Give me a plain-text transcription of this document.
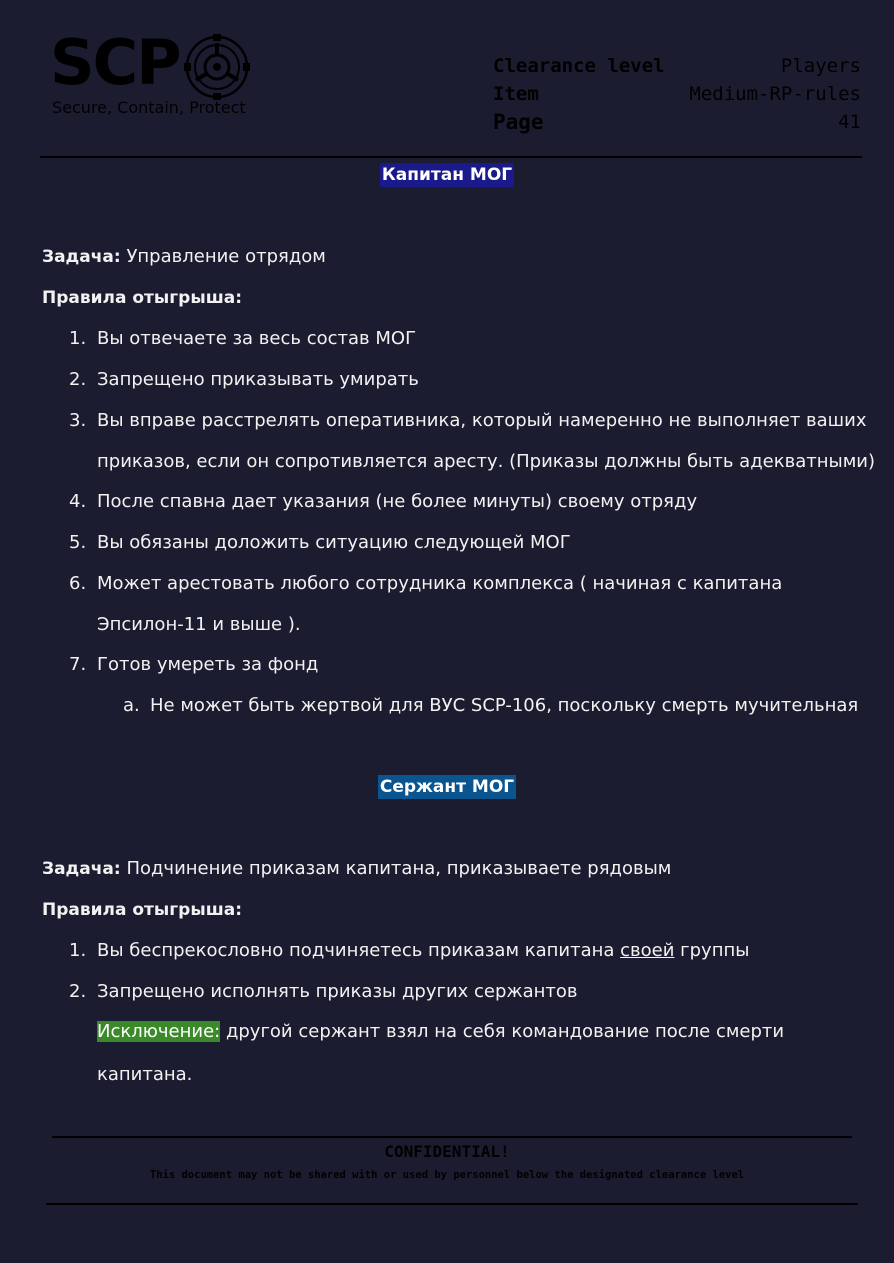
SCP
Secure, Contain, Protect
Clearance level	Players
Item	Medium-RP-rules
Page	41
Капитан МОГ
Задача: Управление отрядом
Правила отыгрыша:
1. Вы отвечаете за весь состав МОГ
2. Запрещено приказывать умирать
3. Вы вправе расстрелять оперативника, который намеренно не выполняет ваших
приказов, если он сопротивляется аресту. (Приказы должны быть адекватными)
4. После спавна дает указания (не более минуты) своему отряду
5. Вы обязаны доложить ситуацию следующей МОГ
6. Может арестовать любого сотрудника комплекса ( начиная с капитана
Эпсилон-11 и выше ).
7. Готов умереть за фонд
a. Не может быть жертвой для ВУС SCP-106, поскольку смерть мучительная
Сержант МОГ
Задача: Подчинение приказам капитана, приказываете рядовым
Правила отыгрыша:
1. Вы беспрекословно подчиняетесь приказам капитана своей группы
2. Запрещено исполнять приказы других сержантов
Исключение: другой сержант взял на себя командование после смерти
капитана.
CONFIDENTIAL!
This document may not be shared with or used by personnel below the designated clearance level
